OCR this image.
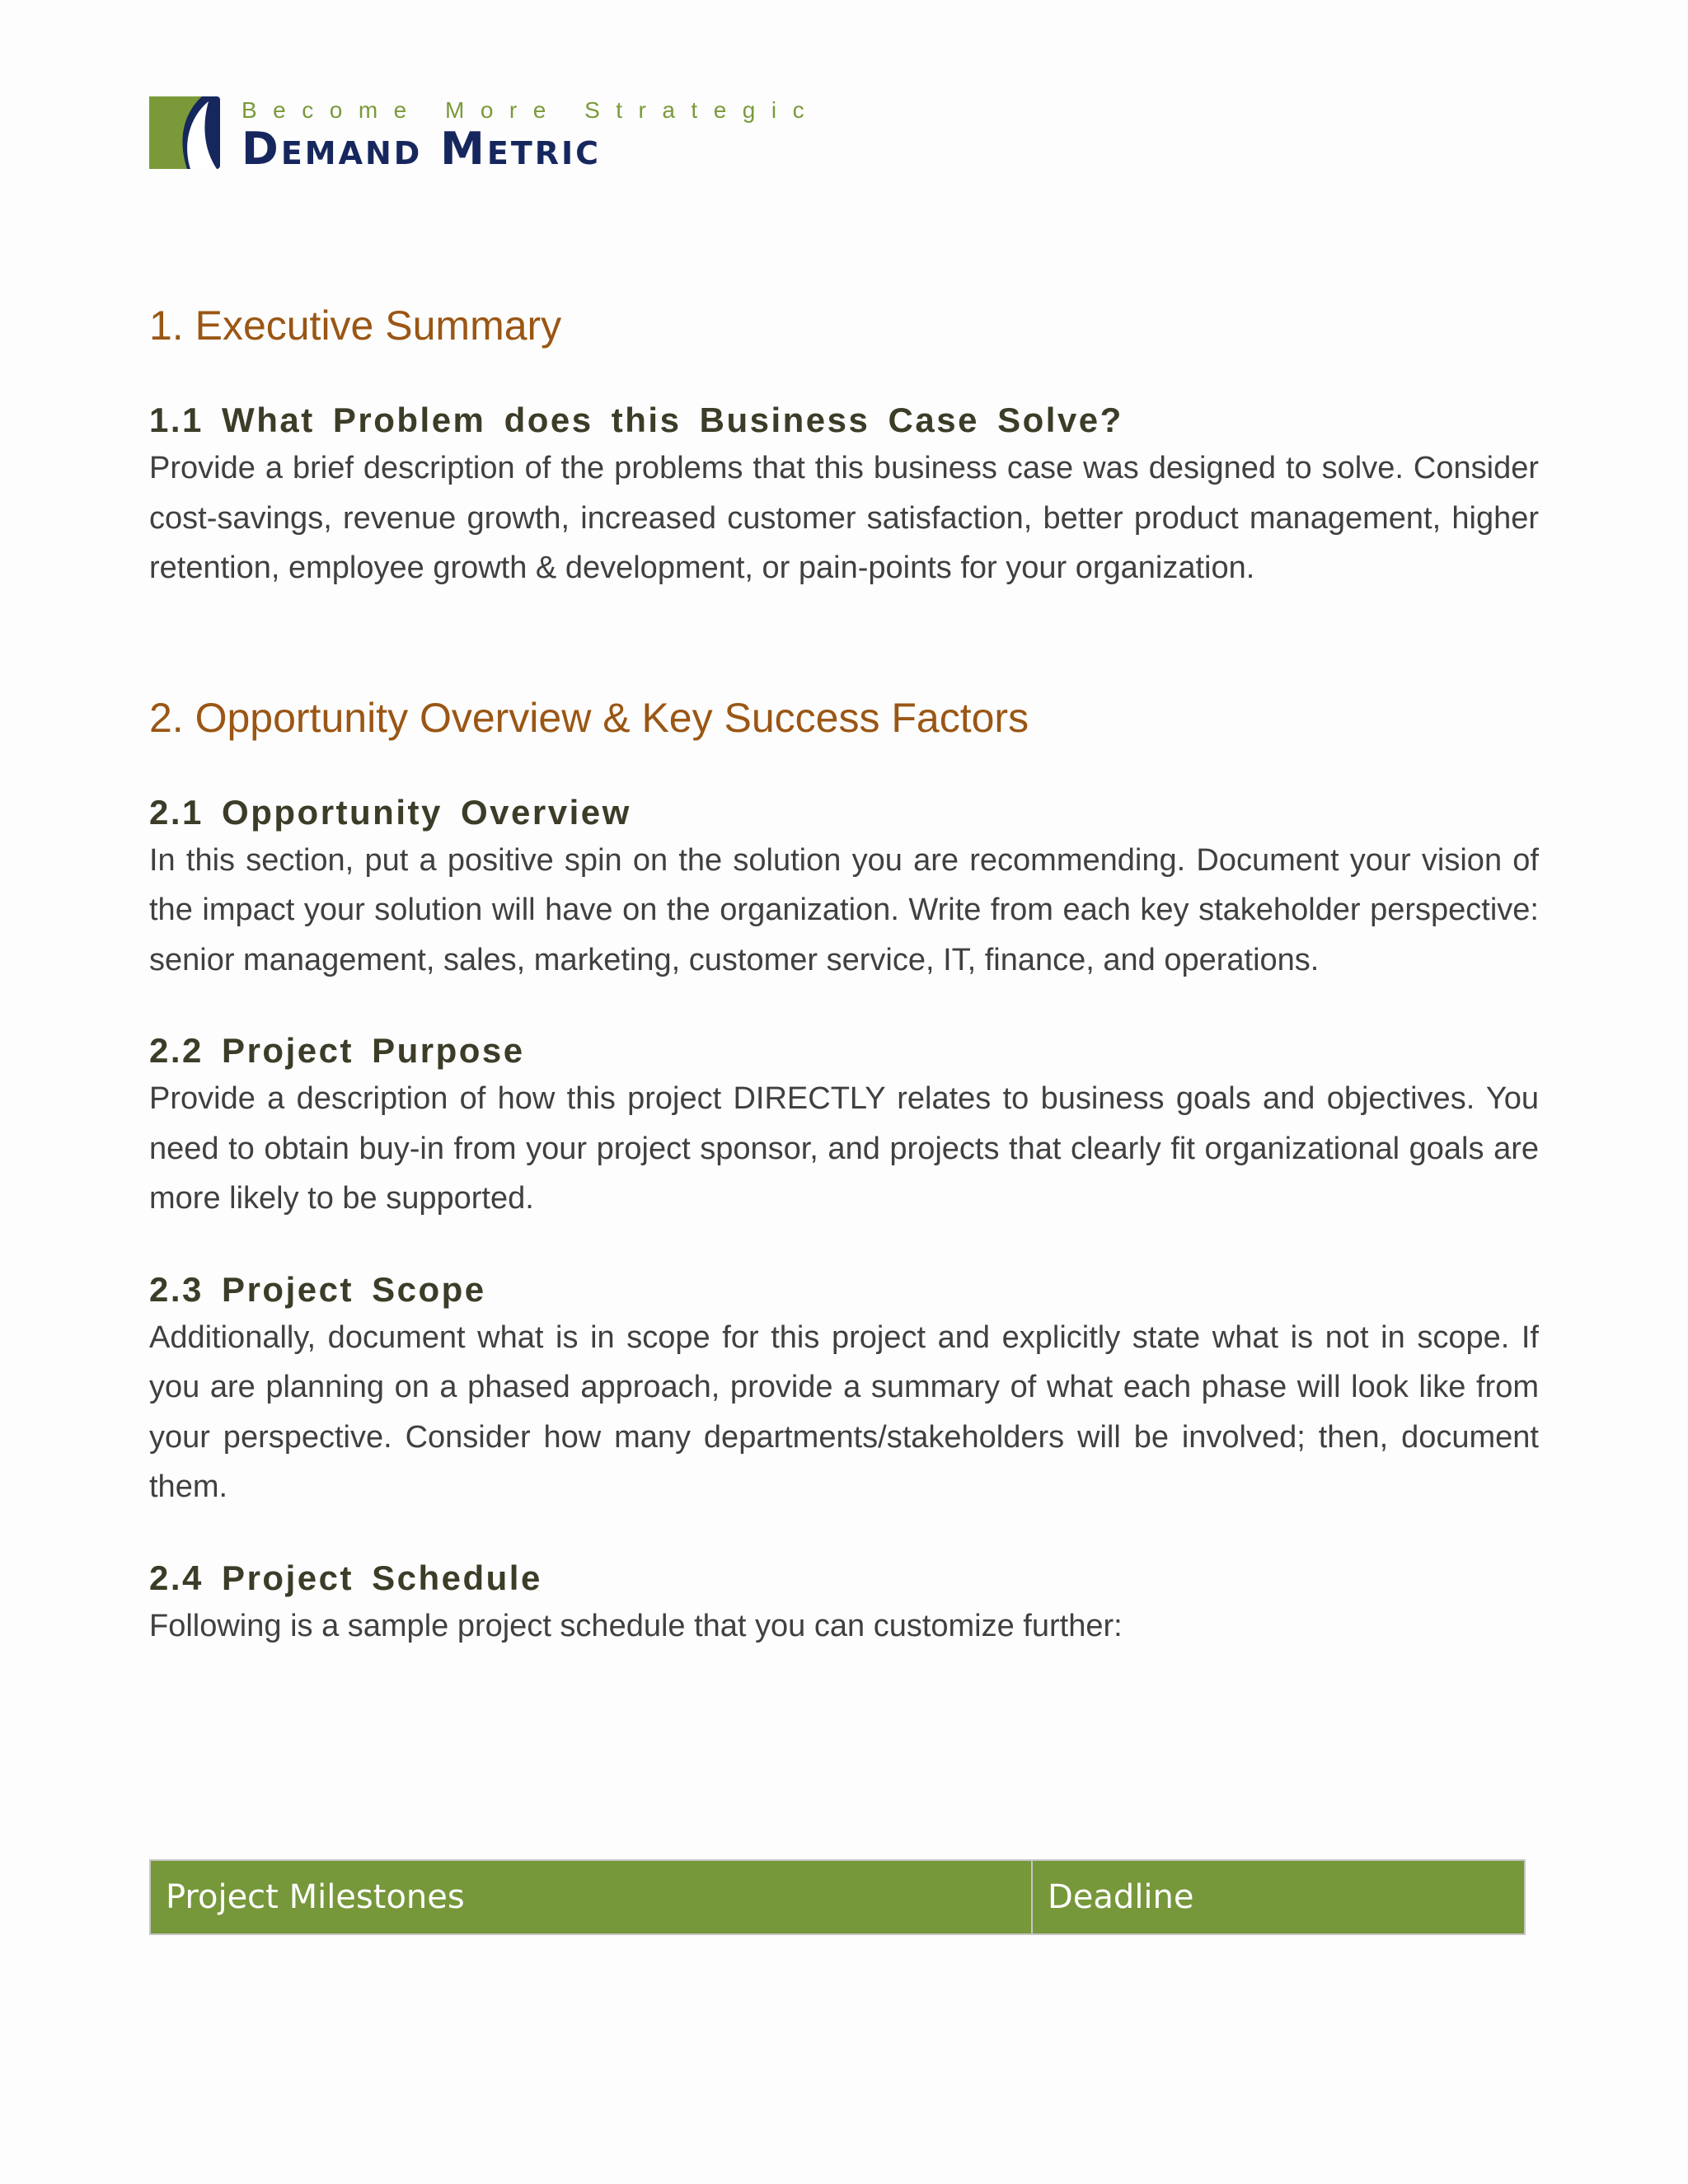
Become More Strategic
Demand Metric
1. Executive Summary
1.1 What Problem does this Business Case Solve?

Provide a brief description of the problems that this business case was designed to solve. Consider cost-savings, revenue growth, increased customer satisfaction, better product management, higher retention, employee growth & development, or pain-points for your organization.

2. Opportunity Overview & Key Success Factors
2.1 Opportunity Overview

In this section, put a positive spin on the solution you are recommending. Document your vision of the impact your solution will have on the organization. Write from each key stakeholder perspective: senior management, sales, marketing, customer service, IT, finance, and operations.

2.2 Project Purpose

Provide a description of how this project DIRECTLY relates to business goals and objectives. You need to obtain buy-in from your project sponsor, and projects that clearly fit organizational goals are more likely to be supported.

2.3 Project Scope

Additionally, document what is in scope for this project and explicitly state what is not in scope. If you are planning on a phased approach, provide a summary of what each phase will look like from your perspective. Consider how many departments/stakeholders will be involved; then, document them.

2.4 Project Schedule

Following is a sample project schedule that you can customize further:

Project Milestones	Deadline
